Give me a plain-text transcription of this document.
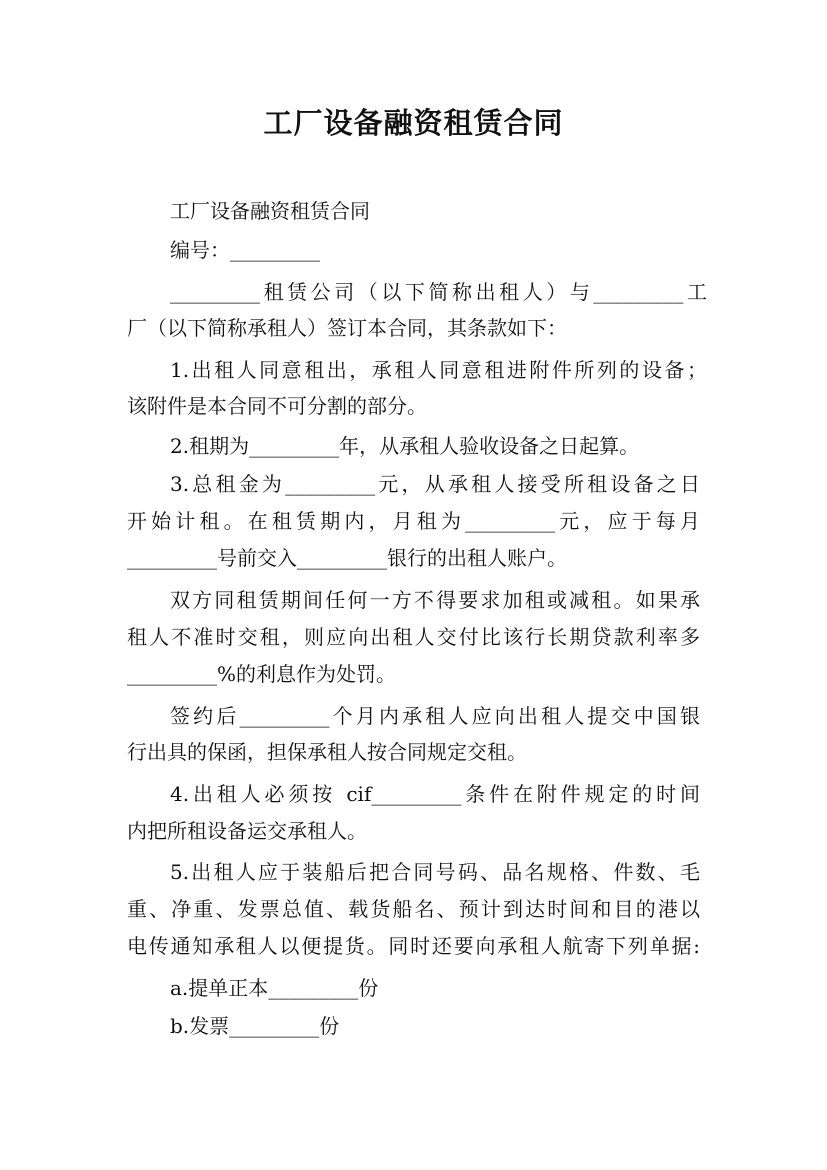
工厂设备融资租赁合同

工厂设备融资租赁合同

编号：_________

_________租赁公司（以下简称出租人）与_________工

厂（以下简称承租人）签订本合同，其条款如下：

1.出租人同意租出，承租人同意租进附件所列的设备；

该附件是本合同不可分割的部分。

2.租期为_________年，从承租人验收设备之日起算。

3.总租金为_________元，从承租人接受所租设备之日

开始计租。在租赁期内，月租为_________元，应于每月

_________号前交入_________银行的出租人账户。

双方同租赁期间任何一方不得要求加租或减租。如果承

租人不准时交租，则应向出租人交付比该行长期贷款利率多

_________%的利息作为处罚。

签约后_________个月内承租人应向出租人提交中国银

行出具的保函，担保承租人按合同规定交租。

4.出租人必须按 cif_________条件在附件规定的时间

内把所租设备运交承租人。

5.出租人应于装船后把合同号码、品名规格、件数、毛

重、净重、发票总值、载货船名、预计到达时间和目的港以

电传通知承租人以便提货。同时还要向承租人航寄下列单据:

a.提单正本_________份

b.发票_________份
